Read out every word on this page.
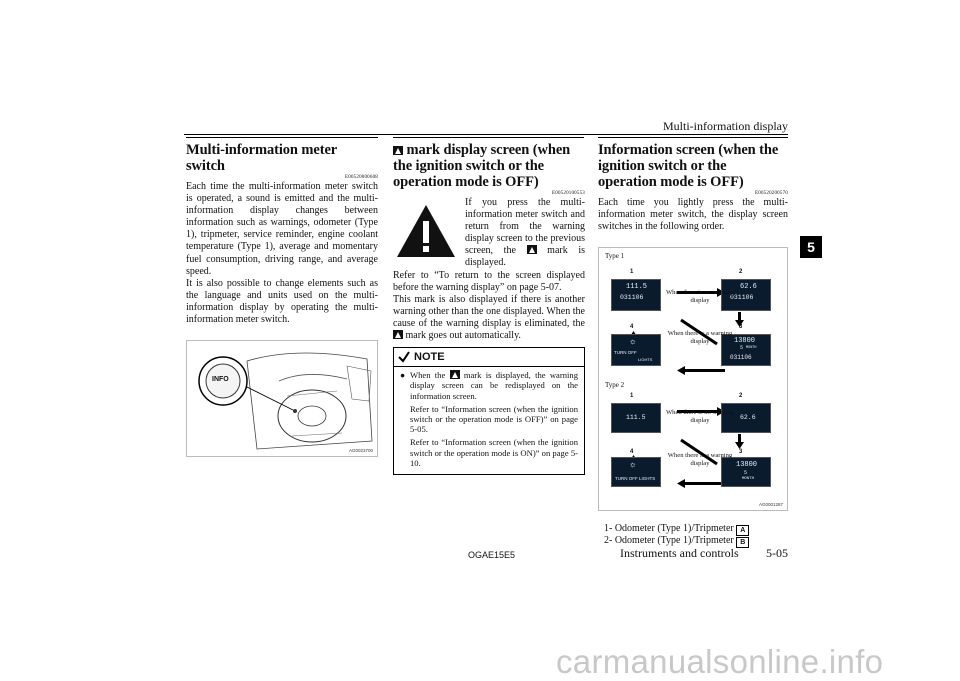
Multi-information display
5
Multi-information meter switch
E00520000608

Each time the multi-information meter switch is operated, a sound is emitted and the multi-information display changes between information such as warnings, odometer (Type 1), tripmeter, service reminder, engine coolant temperature (Type 1), average and momentary fuel consumption, driving range, and average speed.

It is also possible to change elements such as the language and units used on the multi-information display by operating the multi-information meter switch.

INFO
AG0023700
mark display screen (when the ignition switch or the operation mode is OFF)
E00520100553

If you press the multi-information meter switch and return from the warning display screen to the previous screen, the	mark is displayed.

Refer to “To return to the screen displayed before the warning display” on page 5-07.

This mark is also displayed if there is another warning other than the one displayed. When the cause of the warning display is eliminated, the  mark goes out automatically.

NOTE
● When the mark is displayed, the warning display screen can be redisplayed on the information screen.
Refer to “Information screen (when the ignition switch or the operation mode is OFF)” on page 5-05.
Refer to “Information screen (when the ignition switch or the operation mode is ON)” on page 5-10.
Information screen (when the ignition switch or the operation mode is OFF)
E00520200570

Each time you lightly press the multi-information meter switch, the display screen switches in the following order.

Type 1
Type 2
1	2
3
4
111.5
031106
62.6
031106
13800
5 MONTH
031106
☼
TURN OFF
LIGHTS
When there is no warning display
When there is a warning display
1	2
3
4
111.5	62.6
13800
5
MONTH
☼
TURN OFF LIGHTS
When there is no warning display
When there is a warning display
AG0001287
1- Odometer (Type 1)/Tripmeter A
2- Odometer (Type 1)/Tripmeter B
OGAE15E5	Instruments and controls 5-05
carmanualsonline.info
